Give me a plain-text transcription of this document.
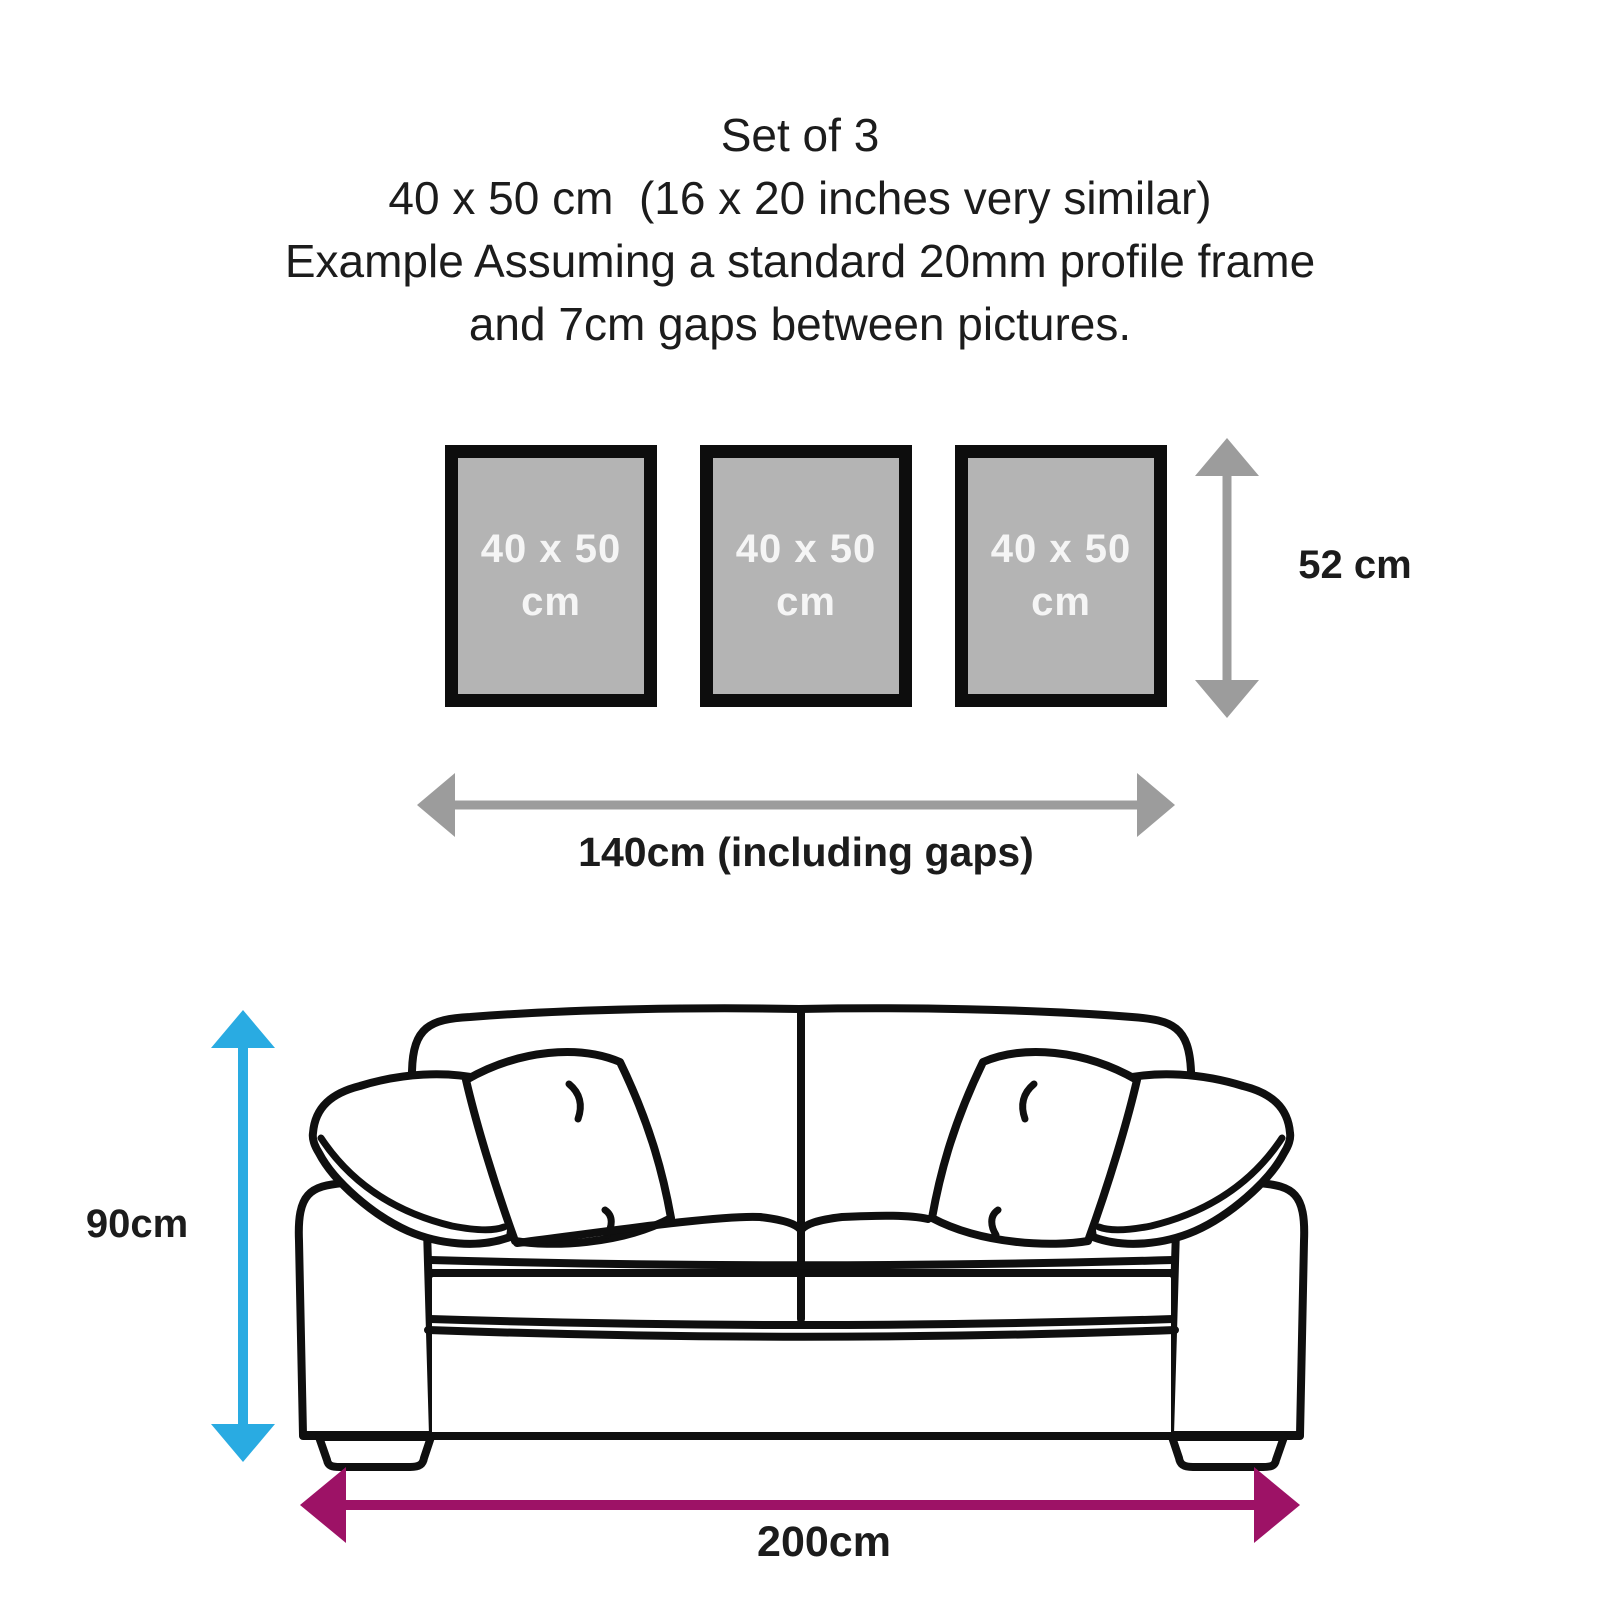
Set of 3
40 x 50 cm  (16 x 20 inches very similar)
Example Assuming a standard 20mm profile frame
and 7cm gaps between pictures.
40 x 50
cm
40 x 50
cm
40 x 50
cm
52 cm
140cm (including gaps)
90cm
200cm
